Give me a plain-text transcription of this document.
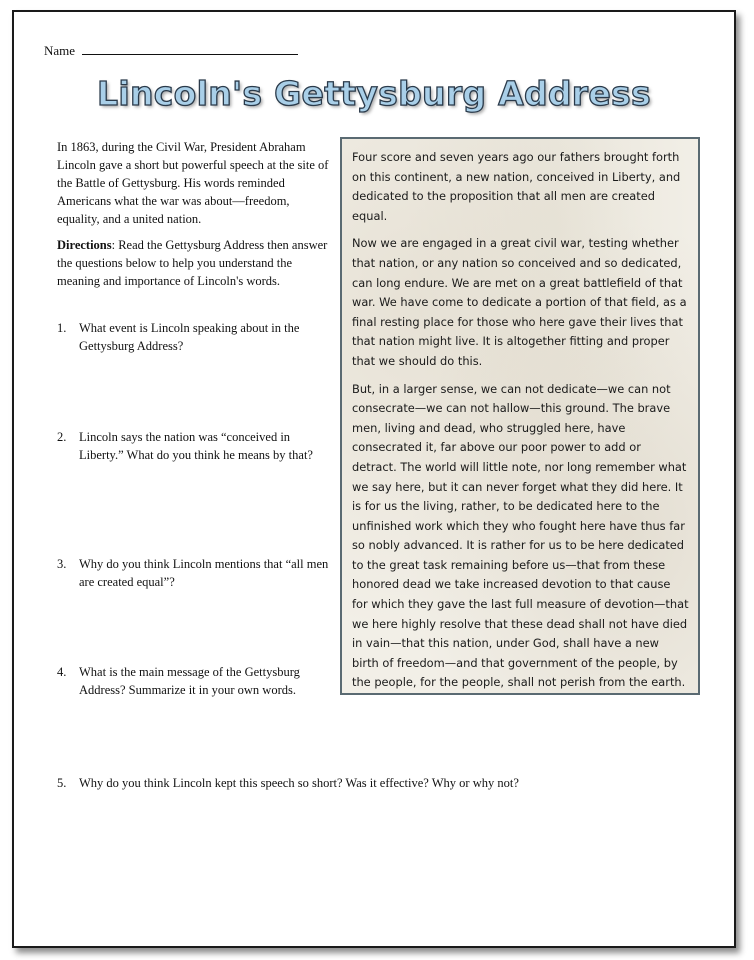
Name
Lincoln's Gettysburg Address

In 1863, during the Civil War, President Abraham Lincoln gave a short but powerful speech at the site of the Battle of Gettysburg. His words reminded Americans what the war was about—freedom, equality, and a united nation.

Directions: Read the Gettysburg Address then answer the questions below to help you understand the meaning and importance of Lincoln's words.

1.	What event is Lincoln speaking about in the Gettysburg Address?
2.	Lincoln says the nation was “conceived in Liberty.” What do you think he means by that?
3.	Why do you think Lincoln mentions that “all men are created equal”?
4.	What is the main message of the Gettysburg Address? Summarize it in your own words.
5.	Why do you think Lincoln kept this speech so short? Was it effective? Why or why not?

Four score and seven years ago our fathers brought forth on this continent, a new nation, conceived in Liberty, and dedicated to the proposition that all men are created equal.

Now we are engaged in a great civil war, testing whether that nation, or any nation so conceived and so dedicated, can long endure. We are met on a great battlefield of that war. We have come to dedicate a portion of that field, as a final resting place for those who here gave their lives that that nation might live. It is altogether fitting and proper that we should do this.

But, in a larger sense, we can not dedicate—we can not consecrate—we can not hallow—this ground. The brave men, living and dead, who struggled here, have consecrated it, far above our poor power to add or detract. The world will little note, nor long remember what we say here, but it can never forget what they did here. It is for us the living, rather, to be dedicated here to the unfinished work which they who fought here have thus far so nobly advanced. It is rather for us to be here dedicated to the great task remaining before us—that from these honored dead we take increased devotion to that cause for which they gave the last full measure of devotion—that we here highly resolve that these dead shall not have died in vain—that this nation, under God, shall have a new birth of freedom—and that government of the people, by the people, for the people, shall not perish from the earth.
